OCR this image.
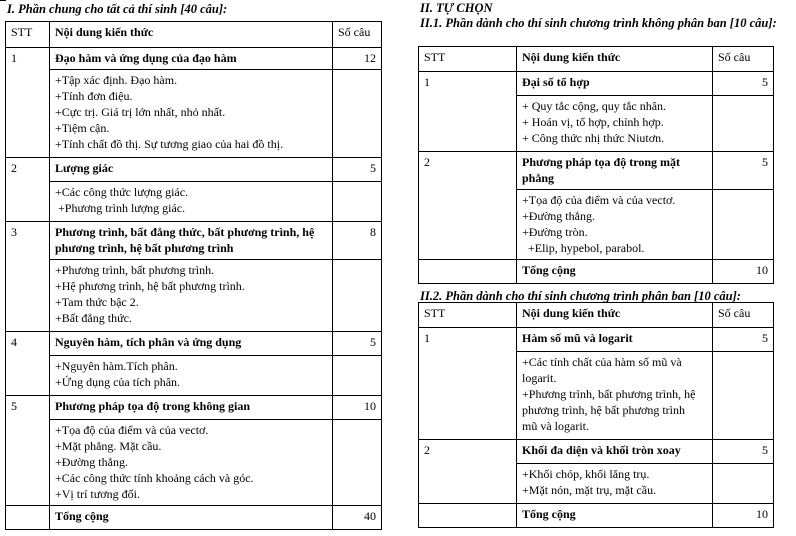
I. Phần chung cho tất cả thí sinh [40 câu]:
STT	Nội dung kiến thức	Số câu
1	Đạo hàm và ứng dụng của đạo hàm	12

	+Tập xác định. Đạo hàm.
+Tính đơn điệu.
+Cực trị. Giá trị lớn nhất, nhỏ nhất.
+Tiệm cận.
+Tính chất đồ thị. Sự tương giao của hai đồ thị.	

2	Lượng giác	5

	+Các công thức lượng giác.
+Phương trình lượng giác.	

3	Phương trình, bất đẳng thức, bất phương trình, hệ phương trình, hệ bất phương trình	8

	+Phương trình, bất phương trình.
+Hệ phương trình, hệ bất phương trình.
+Tam thức bậc 2.
+Bất đẳng thức.	

4	Nguyên hàm, tích phân và ứng dụng	5

	+Nguyên hàm.Tích phân.
+Ứng dụng của tích phân.	

5	Phương pháp tọa độ trong không gian	10

	+Tọa độ của điểm và của vectơ.
+Mặt phẳng. Mặt cầu.
+Đường thẳng.
+Các công thức tính khoảng cách và góc.
+Vị trí tương đối.	

	Tổng cộng	40
II. TỰ CHỌN
II.1. Phần dành cho thí sinh chương trình không phân ban [10 câu]:
STT	Nội dung kiến thức	Số câu
1	Đại số tổ hợp	5

	+ Quy tắc cộng, quy tắc nhân.
+ Hoán vị, tổ hợp, chỉnh hợp.
+ Công thức nhị thức Niutơn.	

2	Phương pháp tọa độ trong mặt phẳng	5

	+Tọa độ của điểm và của vectơ.
+Đường thẳng.
+Đường tròn.
+Elip, hypebol, parabol.	

	Tổng cộng	10
II.2. Phần dành cho thí sinh chương trình phân ban [10 câu]:
STT	Nội dung kiến thức	Số câu
1	Hàm số mũ và logarit	5

	+Các tính chất của hàm số mũ và
logarit.
+Phương trình, bất phương trình, hệ
phương trình, hệ bất phương trình
mũ và logarit.	

2	Khối đa diện và khối tròn xoay	5

	+Khối chóp, khối lăng trụ.
+Mặt nón, mặt trụ, mặt cầu.	

	Tổng cộng	10
